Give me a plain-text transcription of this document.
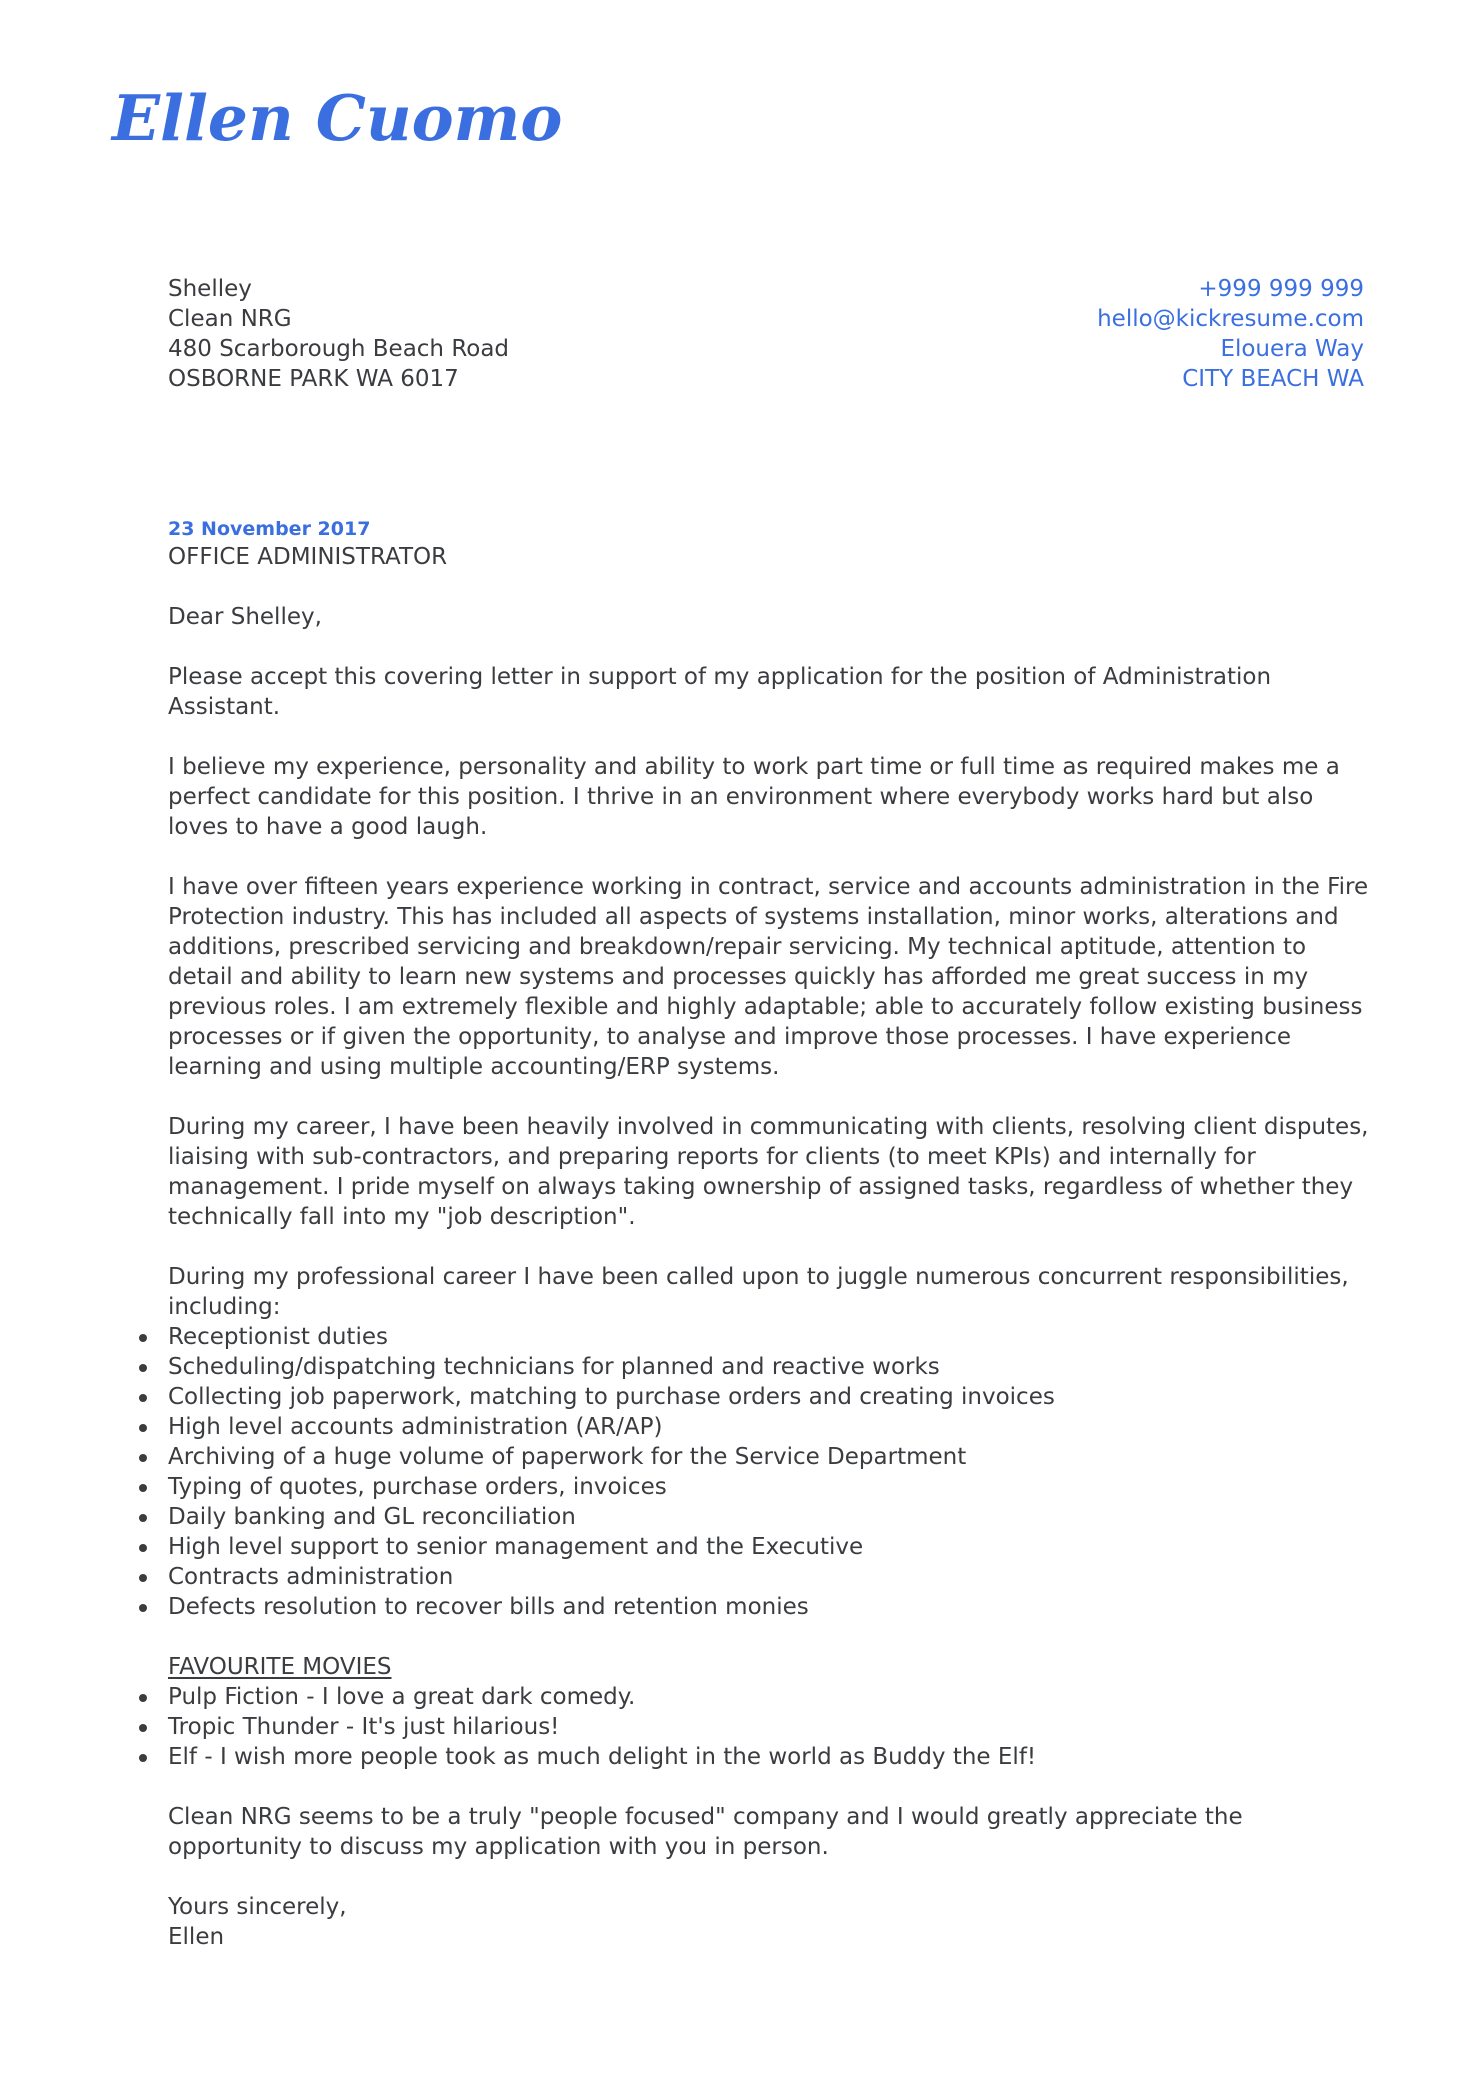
Ellen Cuomo
Shelley
Clean NRG
480 Scarborough Beach Road
OSBORNE PARK WA 6017
+999 999 999
hello@kickresume.com
Elouera Way
CITY BEACH WA

23 November 2017

OFFICE ADMINISTRATOR

Dear Shelley,

Please accept this covering letter in support of my application for the position of Administration Assistant.

I believe my experience, personality and ability to work part time or full time as required makes me a perfect candidate for this position. I thrive in an environment where everybody works hard but also loves to have a good laugh.

I have over fifteen years experience working in contract, service and accounts administration in the Fire Protection industry. This has included all aspects of systems installation, minor works, alterations and additions, prescribed servicing and breakdown/repair servicing. My technical aptitude, attention to detail and ability to learn new systems and processes quickly has afforded me great success in my previous roles. I am extremely flexible and highly adaptable; able to accurately follow existing business processes or if given the opportunity, to analyse and improve those processes. I have experience learning and using multiple accounting/ERP systems.

During my career, I have been heavily involved in communicating with clients, resolving client disputes, liaising with sub-contractors, and preparing reports for clients (to meet KPIs) and internally for management. I pride myself on always taking ownership of assigned tasks, regardless of whether they technically fall into my "job description".

During my professional career I have been called upon to juggle numerous concurrent responsibilities, including:

Receptionist duties
Scheduling/dispatching technicians for planned and reactive works
Collecting job paperwork, matching to purchase orders and creating invoices
High level accounts administration (AR/AP)
Archiving of a huge volume of paperwork for the Service Department
Typing of quotes, purchase orders, invoices
Daily banking and GL reconciliation
High level support to senior management and the Executive
Contracts administration
Defects resolution to recover bills and retention monies

FAVOURITE MOVIES

Pulp Fiction - I love a great dark comedy.
Tropic Thunder - It's just hilarious!
Elf - I wish more people took as much delight in the world as Buddy the Elf!

Clean NRG seems to be a truly "people focused" company and I would greatly appreciate the opportunity to discuss my application with you in person.

Yours sincerely,

Ellen
